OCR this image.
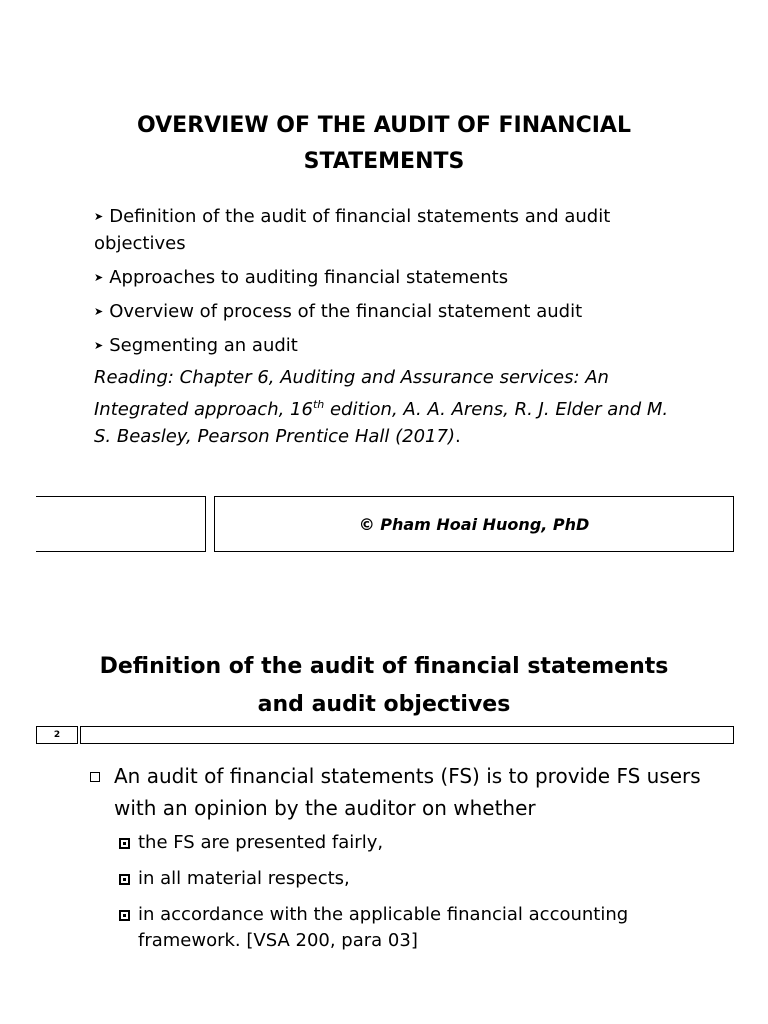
OVERVIEW OF THE AUDIT OF FINANCIAL
STATEMENTS
➤ Definition of the audit of financial statements and audit objectives
➤ Approaches to auditing financial statements
➤ Overview of process of the financial statement audit
➤ Segmenting an audit
Reading: Chapter 6, Auditing and Assurance services: An Integrated approach, 16th edition, A. A. Arens, R. J. Elder and M. S. Beasley, Pearson Prentice Hall (2017).
© Pham Hoai Huong, PhD
Definition of the audit of financial statements
and audit objectives
2
An audit of financial statements (FS) is to provide FS users with an opinion by the auditor on whether
the FS are presented fairly,
in all material respects,
in accordance with the applicable financial accounting framework. [VSA 200, para 03]
